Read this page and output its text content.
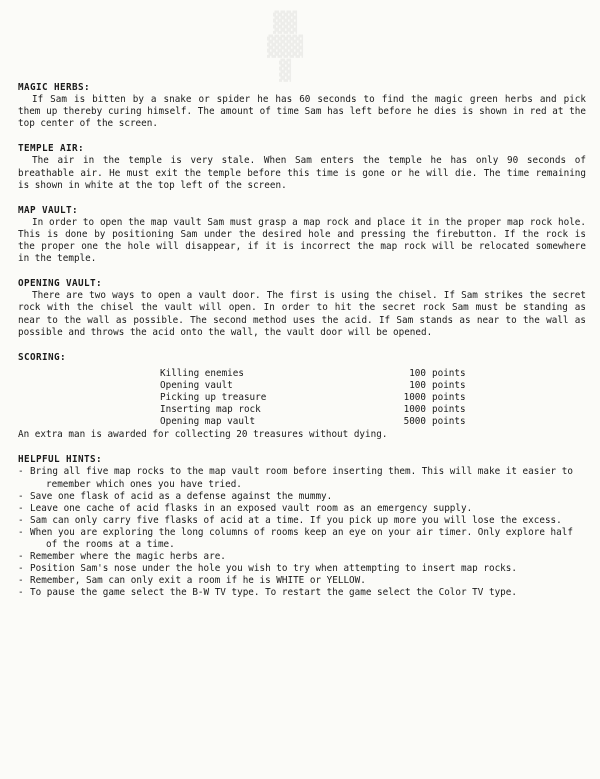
▓▓
▓▓▓
▓

MAGIC HERBS:

If Sam is bitten by a snake or spider he has 60 seconds to find the magic green herbs and pick them up thereby curing himself. The amount of time Sam has left before he dies is shown in red at the top center of the screen.

TEMPLE AIR:

The air in the temple is very stale. When Sam enters the temple he has only 90 seconds of breathable air. He must exit the temple before this time is gone or he will die. The time remaining is shown in white at the top left of the screen.

MAP VAULT:

In order to open the map vault Sam must grasp a map rock and place it in the proper map rock hole. This is done by positioning Sam under the desired hole and pressing the firebutton. If the rock is the proper one the hole will disappear, if it is incorrect the map rock will be relocated somewhere in the temple.

OPENING VAULT:

There are two ways to open a vault door. The first is using the chisel. If Sam strikes the secret rock with the chisel the vault will open. In order to hit the secret rock Sam must be standing as near to the wall as possible. The second method uses the acid. If Sam stands as near to the wall as possible and throws the acid onto the wall, the vault door will be opened.

SCORING:

Killing enemies	100	points
Opening vault	100	points
Picking up treasure	1000	points
Inserting map rock	1000	points
Opening map vault	5000	points

An extra man is awarded for collecting 20 treasures without dying.

HELPFUL HINTS:

- Bring all five map rocks to the map vault room before inserting them. This will make it easier to remember which ones you have tried.
- Save one flask of acid as a defense against the mummy.
- Leave one cache of acid flasks in an exposed vault room as an emergency supply.
- Sam can only carry five flasks of acid at a time. If you pick up more you will lose the excess.
- When you are exploring the long columns of rooms keep an eye on your air timer. Only explore half of the rooms at a time.
- Remember where the magic herbs are.
- Position Sam's nose under the hole you wish to try when attempting to insert map rocks.
- Remember, Sam can only exit a room if he is WHITE or YELLOW.
- To pause the game select the B-W TV type. To restart the game select the Color TV type.
